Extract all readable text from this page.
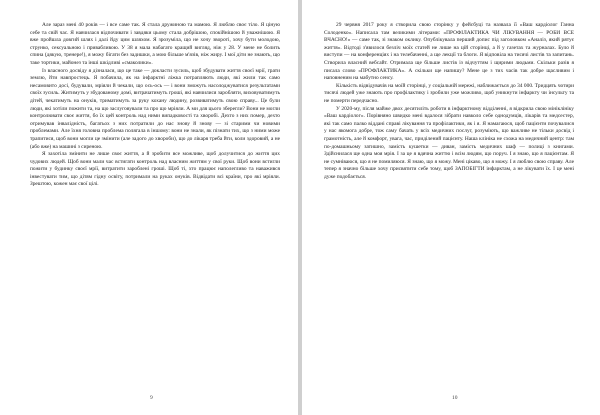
Але зараз мені 40 років — і все саме так. Я стала дружиною та мамою. Я люблю своє тіло. Я ціную себе та свій час. Я навчилася відпочивати і завдяки цьому стала добрішою, спокійнішою й уважнішою. Я вже пройшла довгий шлях і далі йду цим шляхом. Я зрозуміла, що не хочу звороті, хочу бути молодою, струнко, сексуальною і привабливою. У 38 я мала набагато кращий вигляд, ніж у 28. У мене не болить спина (дякую, тренере!), я можу бігати без задишки, а мою більше м'язів, ніж жиру. І мої діти не знають, що таке тортики, майонез та інші шкідливі «смаколики».

Із власного досвіду я дізналася, що це таке — докласти зусиль, щоб збудувати життя своєї мрії, грати землю, йти навпростець. Я побачила, як на інфарктні ліжка потрапляють люди, які жили так само несамовито досі, будували, мріяли й чекали, що ось-ось — і вони зможуть насолоджуватися результатами своїх зусиль. Житимуть у збудованому домі, витрачатимуть гроші, які навчилися заробляти, виховуватимуть дітей, чекатимуть на онуків, триматимуть за руку кохану людину, розвиватимуть свою справу... Це були люди, які хотіли пожити та, на що заслуговували та про що мріяли. А ми для цього зберегли? Вони не могли контролювати своє життя, бо їх цей контроль над ними випадковості та хворобі. Дехто з них помер, дехто отримував інвалідність, багатьох з них потратили до нас знову й знову — зі старими чи новими проблемами. Але їхня головна проблема полягала в іншому: вони не знали, як пізнати тих, що з ними може трапитися, щоб вони могли це змінити (але задого до хвороби), що до лікаря треба йти, коли здоровий, а не (або вже) на машині з сиреною.

Я захотіла змінити не лише своє життя, а й зробити все можливе, щоб долучитися до життя цих чудових людей. Щоб вони мали час встигати контроль над власним життям у свої руки. Щоб вони встигли пожити у будинку своєї мрії, витратити зароблені гроші. Щоб ті, хто працює наполегливо та наважився інвестувати тим, що дітям гідну освіту, потримали на руках онуків. Відвідати всі країни, про які мріяли. Зрештою, кожен має свої цілі.

9

29 червня 2017 року я створила свою сторінку у фейсбуці та назвала її «Ваш кардіолог Ганна Солоденко». Написала там великими літерами: «ПРОФІЛАКТИКА ЧИ ЛІКУВАННЯ — РОБИ ВСЕ ВЧАСНО!» — саме так, зі знаком оклику. Опублікувала перший допис під заголовком «Аналіз, який рятує життя». Відтоді з'явилося безліч моїх статей не лише на цій сторінці, а й у газетах та журналах. Було й виступи — на конференціях і на телебаченні, а ще лекції та блоги. Я відповіла на тисячі листів та запитань. Створила власний вебсайт. Отримала ще більше листів із відчуттям і щирими людьми. Скільки разів я писала слово «ПРОФЛАКТИКА». А скільки ще напишу? Мене це з тих часів так добре щасливим і наповненим на мабутно сенсу.

Кількість відвідувачів на моїй сторінці, у соціальній мережі, наближається до 34 000. Тридцять чотири тисячі людей уже знають про профілактику і зробили уже можливо, щоб уникнути інфаркту чи інсульту та не померти передчасно.

У 2020-му, після майже двох десятиліть роботи в інфарктному відділенні, я відкрила свою мініклініку «Ваш кардіолог». Порівняно швидко мені вдалося зібрати навколо себе однодумців, лікарів та медсестер, які так само палко віддані справі лікування та профілактики, як і я. Я намагаюся, щоб пацієнти почувалися у нас якомога добре, тож саму бачать у всіх медичних послуг, розуміють, що важливе не тільки досвід і грамотність, але й комфорт, увага, час, приділений пацієнту. Наша клініка не схожа на медичний центр: там по-домашньому затишно, замість кушетки — диван, замість медичних шаф — полиці з книгами. Здійснилася ще одна моя мрія. І за це я вдячна життю і всім людям, що поруч. І я знаю, що я пацієнтам. Я не сумніваюся, що я не помиляюся. Я знаю, що я можу. Мені цікаво, що я можу. І я люблю свою справу. Але тепер я значно більше хочу присвятити себе тому, щоб ЗАПОБІГТИ інфарктам, а не лікувати їх. І це мені дуже подобається.

10
